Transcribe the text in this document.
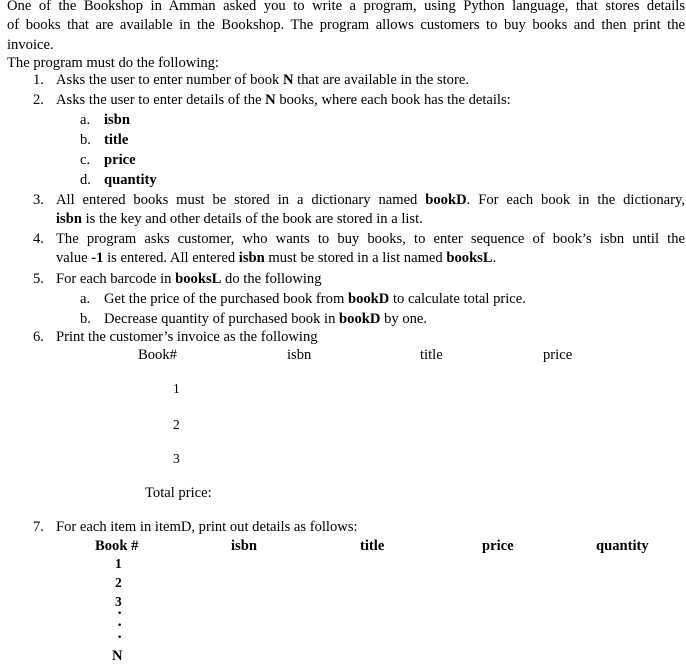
One of the Bookshop in Amman asked you to write a program, using Python language, that stores details
of books that are available in the Bookshop. The program allows customers to buy books and then print the
invoice.
The program must do the following:
1. Asks the user to enter number of book N that are available in the store.
2. Asks the user to enter details of the N books, where each book has the details:
a. isbn
b. title
c. price
d. quantity
3. All entered books must be stored in a dictionary named bookD. For each book in the dictionary,
isbn is the key and other details of the book are stored in a list.
4. The program asks customer, who wants to buy books, to enter sequence of book’s isbn until the
value -1 is entered. All entered isbn must be stored in a list named booksL.
5. For each barcode in booksL do the following
a. Get the price of the purchased book from bookD to calculate total price.
b. Decrease quantity of purchased book in bookD by one.
6. Print the customer’s invoice as the following
Book#	isbn	title	price
1
2
3
Total price:
7. For each item in itemD, print out details as follows:
Book #	isbn	title	price	quantity
1
2
3
·
·
·
N
